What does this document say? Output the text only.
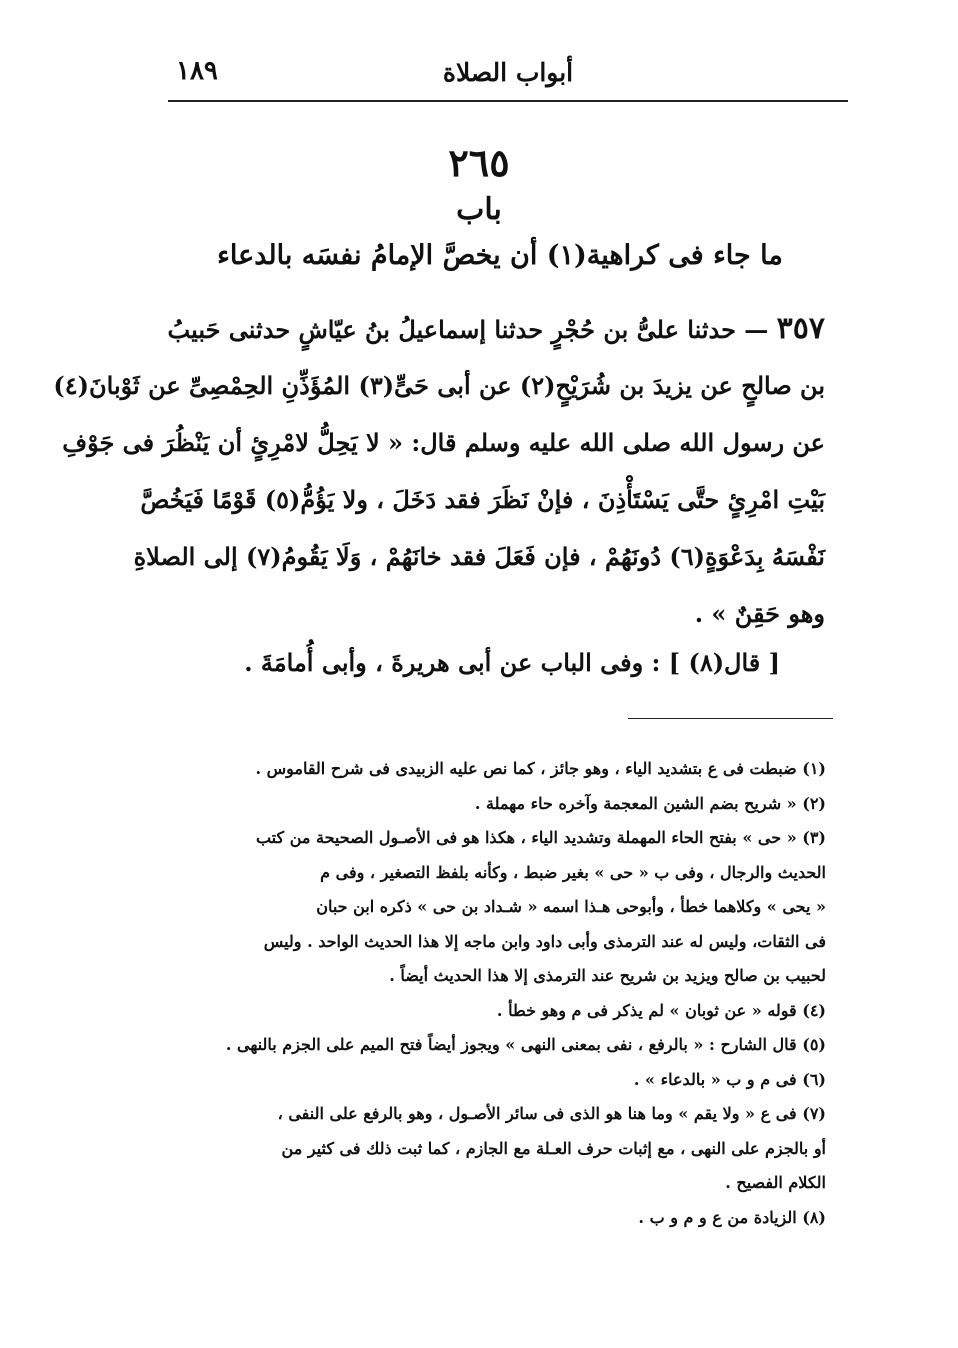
أبواب الصلاة
١٨٩
٢٦٥
باب
ما جاء فى كراهية(١) أن يخصَّ الإمامُ نفسَه بالدعاء
٣٥٧ — حدثنا علىُّ بن حُجْرٍ حدثنا إسماعيلُ بنُ عيّاشٍ حدثنى حَبيبُ
بن صالحٍ عن يزيدَ بن شُرَيْحٍ(٢) عن أبى حَىٍّ(٣) المُؤَذِّنِ الحِمْصِىِّ عن ثَوْبانَ(٤)
عن رسول الله صلى الله عليه وسلم قال: « لا يَحِلُّ لامْرِئٍ أن يَنْظُرَ فى جَوْفِ
بَيْتِ امْرِئٍ حتَّى يَسْتَأْذِنَ ، فإنْ نَظَرَ فقد دَخَلَ ، ولا يَؤُمُّ(٥) قَوْمًا فَيَخُصَّ
نَفْسَهُ بِدَعْوَةٍ(٦) دُونَهُمْ ، فإن فَعَلَ فقد خانَهُمْ ، وَلَا يَقُومُ(٧) إلى الصلاةِ
وهو حَقِنٌ » .
[ قال(٨) ] : وفى الباب عن أبى هريرةَ ، وأبى أُمامَةَ .
(١) ضبطت فى ع بتشديد الياء ، وهو جائز ، كما نص عليه الزبيدى فى شرح القاموس .
(٢) « شريح بضم الشين المعجمة وآخره حاء مهملة .
(٣) « حى » بفتح الحاء المهملة وتشديد الياء ، هكذا هو فى الأصـول الصحيحة من كتب
الحديث والرجال ، وفى ب « حى » بغير ضبط ، وكأنه بلفظ التصغير ، وفى م
« يحى » وكلاهما خطأ ، وأبوحى هـذا اسمه « شـداد بن حى » ذكره ابن حبان
فى الثقات، وليس له عند الترمذى وأبى داود وابن ماجه إلا هذا الحديث الواحد . وليس
لحبيب بن صالح ويزيد بن شريح عند الترمذى إلا هذا الحديث أيضاً .
(٤) قوله « عن ثوبان » لم يذكر فى م وهو خطأ .
(٥) قال الشارح : « بالرفع ، نفى بمعنى النهى » ويجوز أيضاً فتح الميم على الجزم بالنهى .
(٦) فى م و ب « بالدعاء » .
(٧) فى ع « ولا يقم » وما هنا هو الذى فى سائر الأصـول ، وهو بالرفع على النفى ،
أو بالجزم على النهى ، مع إثبات حرف العـلة مع الجازم ، كما ثبت ذلك فى كثير من
الكلام الفصيح .
(٨) الزيادة من ع و م و ب .
